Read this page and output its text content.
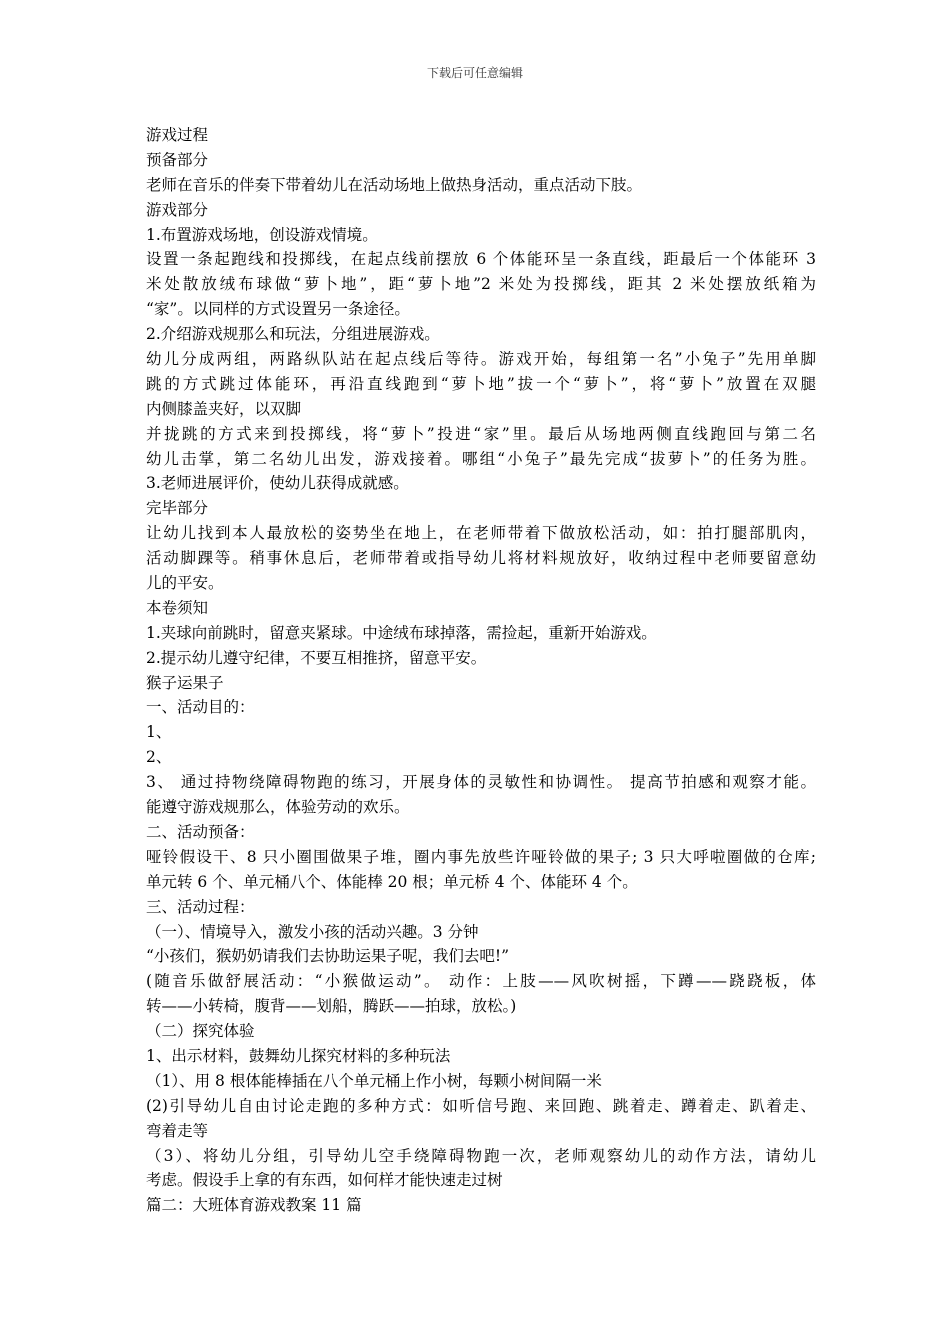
下载后可任意编辑
游戏过程
预备部分
老师在音乐的伴奏下带着幼儿在活动场地上做热身活动，重点活动下肢。
游戏部分
1.布置游戏场地，创设游戏情境。
设置一条起跑线和投掷线，在起点线前摆放 6 个体能环呈一条直线，距最后一个体能环 3
米处散放绒布球做“萝卜地”，距“萝卜地”2 米处为投掷线，距其 2 米处摆放纸箱为
“家”。以同样的方式设置另一条途径。
2.介绍游戏规那么和玩法，分组进展游戏。
幼儿分成两组，两路纵队站在起点线后等待。游戏开始，每组第一名”小兔子”先用单脚
跳的方式跳过体能环，再沿直线跑到“萝卜地”拔一个“萝卜”，将“萝卜”放置在双腿
内侧膝盖夹好，以双脚
并拢跳的方式来到投掷线，将“萝卜”投进“家”里。最后从场地两侧直线跑回与第二名
幼儿击掌，第二名幼儿出发，游戏接着。哪组“小兔子”最先完成“拔萝卜”的任务为胜。
3.老师进展评价，使幼儿获得成就感。
完毕部分
让幼儿找到本人最放松的姿势坐在地上，在老师带着下做放松活动，如：拍打腿部肌肉，
活动脚踝等。稍事休息后，老师带着或指导幼儿将材料规放好，收纳过程中老师要留意幼
儿的平安。
本卷须知
1.夹球向前跳时，留意夹紧球。中途绒布球掉落，需捡起，重新开始游戏。
2.提示幼儿遵守纪律，不要互相推挤，留意平安。
猴子运果子
一、活动目的：
1、
2、
3、 通过持物绕障碍物跑的练习，开展身体的灵敏性和协调性。 提高节拍感和观察才能。
能遵守游戏规那么，体验劳动的欢乐。
二、活动预备：
哑铃假设干、8 只小圈围做果子堆，圈内事先放些许哑铃做的果子; 3 只大呼啦圈做的仓库;
单元转 6 个、单元桶八个、体能棒 20 根；单元桥 4 个、体能环 4 个。
三、活动过程：
（一）、情境导入，激发小孩的活动兴趣。3 分钟
“小孩们，猴奶奶请我们去协助运果子呢，我们去吧!”
(随音乐做舒展活动：“小猴做运动”。 动作：上肢——风吹树摇，下蹲——跷跷板，体
转——小转椅，腹背——划船，腾跃——拍球，放松。)
（二）探究体验
1、出示材料，鼓舞幼儿探究材料的多种玩法
（1）、用 8 根体能棒插在八个单元桶上作小树，每颗小树间隔一米
(2)引导幼儿自由讨论走跑的多种方式：如听信号跑、来回跑、跳着走、蹲着走、趴着走、
弯着走等
（3）、将幼儿分组，引导幼儿空手绕障碍物跑一次，老师观察幼儿的动作方法，请幼儿
考虑。假设手上拿的有东西，如何样才能快速走过树
篇二：大班体育游戏教案 11 篇
